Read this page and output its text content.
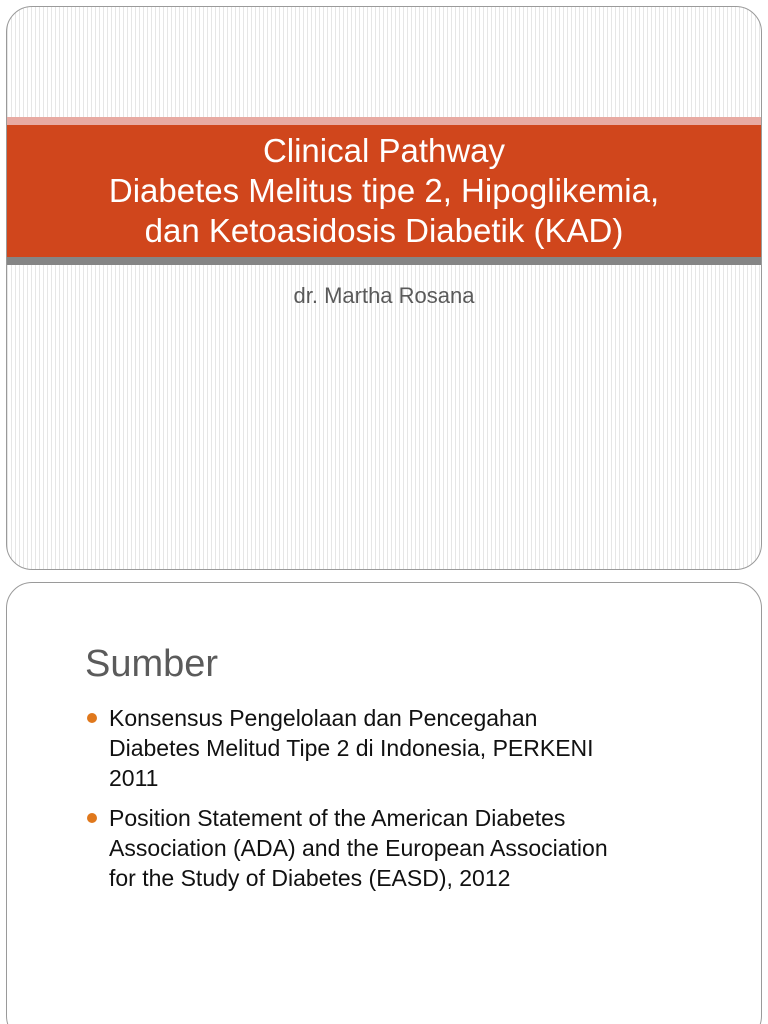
Clinical Pathway
Diabetes Melitus tipe 2, Hipoglikemia,
dan Ketoasidosis Diabetik (KAD)
dr. Martha Rosana
Sumber
Konsensus Pengelolaan dan Pencegahan
Diabetes Melitud Tipe 2 di Indonesia, PERKENI
2011
Position Statement of the American Diabetes
Association (ADA) and the European Association
for the Study of Diabetes (EASD), 2012
